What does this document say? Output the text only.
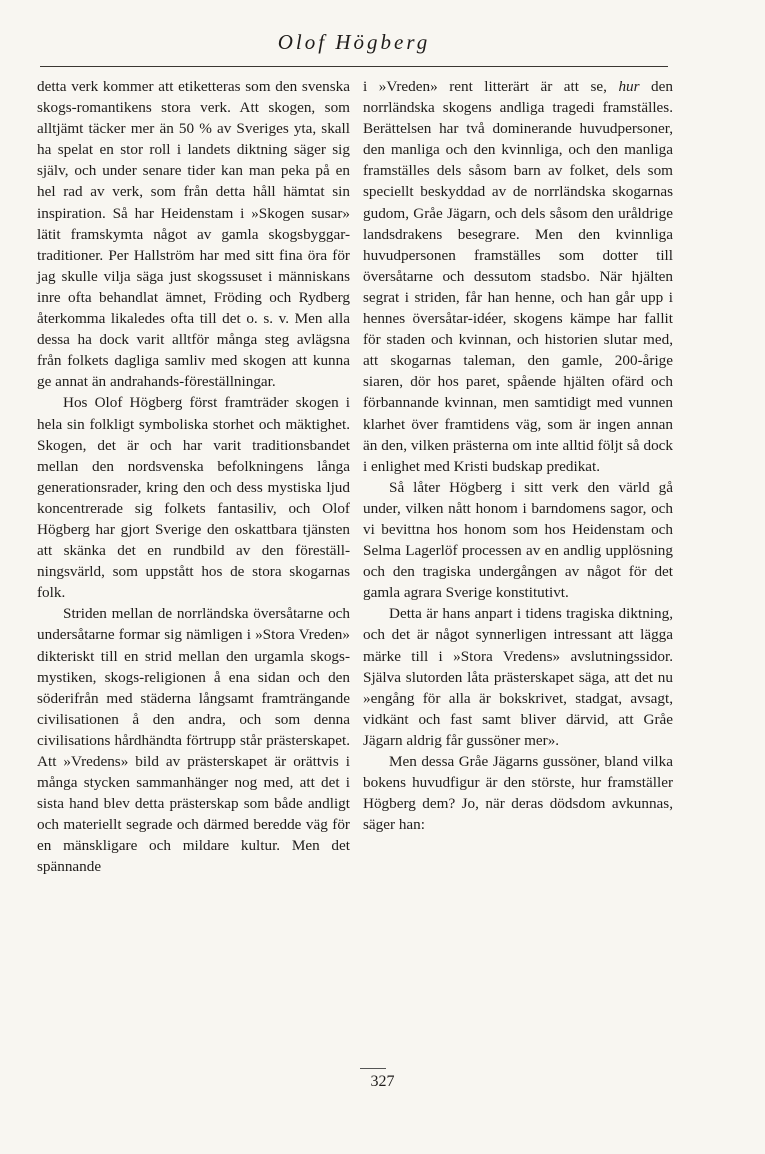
Olof Högberg

detta verk kommer att etiketteras som den svenska skogs-romantikens stora verk. Att skogen, som alltjämt täcker mer än 50 % av Sveriges yta, skall ha spelat en stor roll i landets diktning säger sig själv, och under senare tider kan man peka på en hel rad av verk, som från detta håll hämtat sin inspiration. Så har Heidenstam i »Skogen susar» lätit framskymta något av gamla skogsbyggar-traditioner. Per Hallström har med sitt fina öra för jag skulle vilja säga just skogssuset i människans inre ofta behandlat ämnet, Fröding och Rydberg återkomma likaledes ofta till det o. s. v. Men alla dessa ha dock varit alltför många steg avlägsna från folkets dagliga samliv med skogen att kunna ge annat än andrahands-föreställningar.

Hos Olof Högberg först framträder skogen i hela sin folkligt symboliska storhet och mäktighet. Skogen, det är och har varit traditionsbandet mellan den nordsvenska befolkningens långa generationsrader, kring den och dess mystiska ljud koncentrerade sig folkets fantasiliv, och Olof Högberg har gjort Sverige den oskattbara tjänsten att skänka det en rundbild av den föreställningsvärld, som uppstått hos de stora skogarnas folk.

Striden mellan de norrländska översåtarne och undersåtarne formar sig nämligen i »Stora Vreden» dikteriskt till en strid mellan den urgamla skogs-mystiken, skogs-religionen å ena sidan och den söderifrån med städerna långsamt framträngande civilisationen å den andra, och som denna civilisations hårdhändta förtrupp står prästerskapet. Att »Vredens» bild av prästerskapet är orättvis i många stycken sammanhänger nog med, att det i sista hand blev detta prästerskap som både andligt och materiellt segrade och därmed beredde väg för en mänskligare och mildare kultur. Men det spännande

i »Vreden» rent litterärt är att se, hur den norrländska skogens andliga tragedi framställes. Berättelsen har två dominerande huvudpersoner, den manliga och den kvinnliga, och den manliga framställes dels såsom barn av folket, dels som speciellt beskyddad av de norrländska skogarnas gudom, Gråe Jägarn, och dels såsom den uråldrige landsdrakens besegrare. Men den kvinnliga huvudpersonen framställes som dotter till översåtarne och dessutom stadsbo. När hjälten segrat i striden, får han henne, och han går upp i hennes översåtar-idéer, skogens kämpe har fallit för staden och kvinnan, och historien slutar med, att skogarnas taleman, den gamle, 200-årige siaren, dör hos paret, spående hjälten ofärd och förbannande kvinnan, men samtidigt med vunnen klarhet över framtidens väg, som är ingen annan än den, vilken prästerna om inte alltid följt så dock i enlighet med Kristi budskap predikat.

Så låter Högberg i sitt verk den värld gå under, vilken nått honom i barndomens sagor, och vi bevittna hos honom som hos Heidenstam och Selma Lagerlöf processen av en andlig upplösning och den tragiska undergången av något för det gamla agrara Sverige konstitutivt.

Detta är hans anpart i tidens tragiska diktning, och det är något synnerligen intressant att lägga märke till i »Stora Vredens» avslutningssidor. Själva slutorden låta prästerskapet säga, att det nu »engång för alla är bokskrivet, stadgat, avsagt, vidkänt och fast samt bliver därvid, att Gråe Jägarn aldrig får gussöner mer».

Men dessa Gråe Jägarns gussöner, bland vilka bokens huvudfigur är den störste, hur framställer Högberg dem? Jo, när deras dödsdom avkunnas, säger han:

327
